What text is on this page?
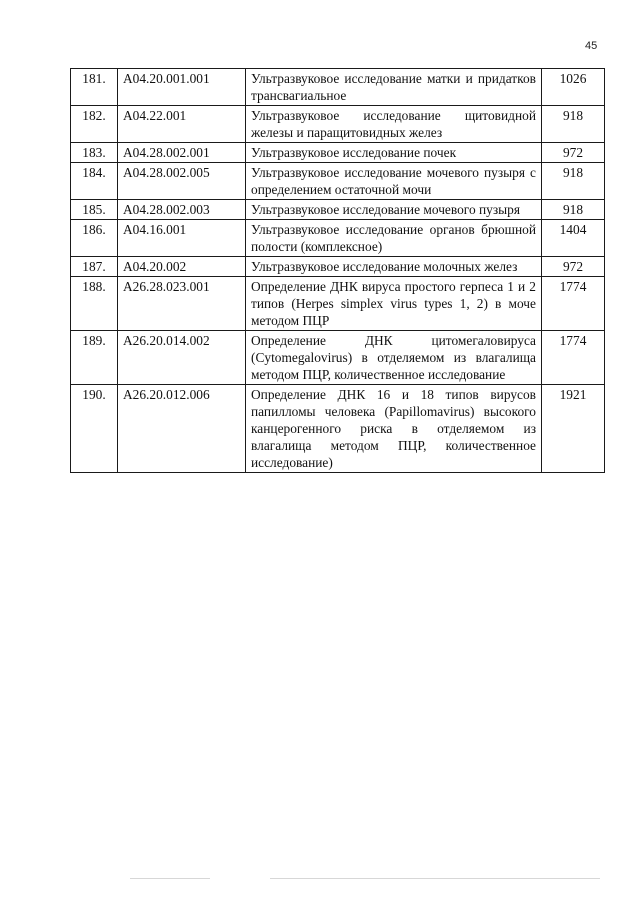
45
181.	A04.20.001.001	Ультразвуковое исследование матки и придатков трансвагиальное	1026
182.	A04.22.001	Ультразвуковое исследование щитовидной железы и паращитовидных желез	918
183.	A04.28.002.001	Ультразвуковое исследование почек	972
184.	A04.28.002.005	Ультразвуковое исследование мочевого пузыря с определением остаточной мочи	918
185.	A04.28.002.003	Ультразвуковое исследование мочевого пузыря	918
186.	A04.16.001	Ультразвуковое исследование органов брюшной полости (комплексное)	1404
187.	A04.20.002	Ультразвуковое исследование молочных желез	972
188.	A26.28.023.001	Определение ДНК вируса простого герпеса 1 и 2 типов (Herpes simplex virus types 1, 2) в моче методом ПЦР	1774
189.	A26.20.014.002	Определение ДНК цитомегаловируса (Cytomegalovirus) в отделяемом из влагалища методом ПЦР, количественное исследование	1774
190.	A26.20.012.006	Определение ДНК 16 и 18 типов вирусов папилломы человека (Papillomavirus) высокого канцерогенного риска в отделяемом из влагалища методом ПЦР, количественное исследование)	1921
